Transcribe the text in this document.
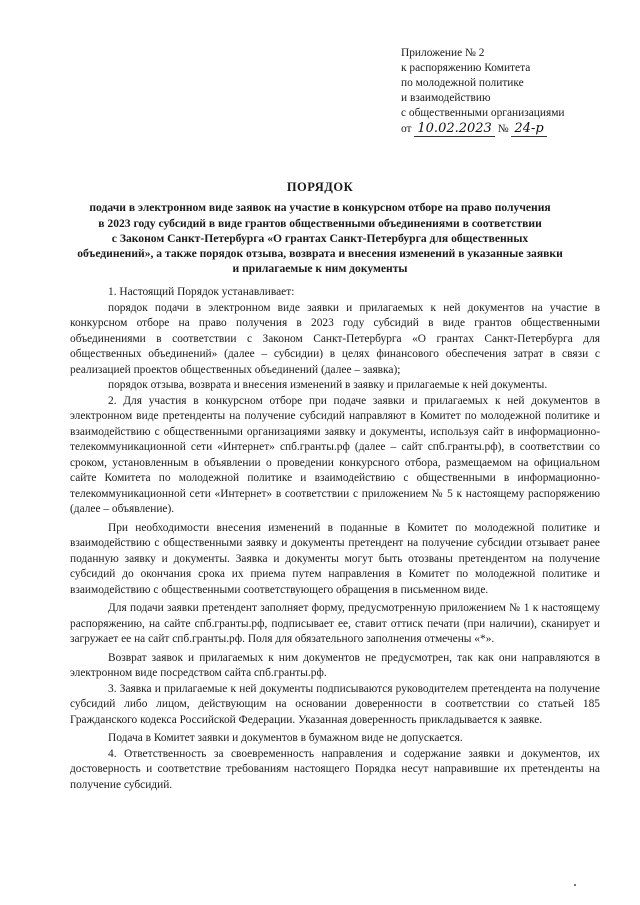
Приложение № 2
к распоряжению Комитета
по молодежной политике
и взаимодействию
с общественными организациями
от 10.02.2023 № 24-р
ПОРЯДОК
подачи в электронном виде заявок на участие в конкурсном отборе на право получения
в 2023 году субсидий в виде грантов общественными объединениями в соответствии
с Законом Санкт-Петербурга «О грантах Санкт-Петербурга для общественных
объединений», а также порядок отзыва, возврата и внесения изменений в указанные заявки
и прилагаемые к ним документы

1. Настоящий Порядок устанавливает:

порядок подачи в электронном виде заявки и прилагаемых к ней документов на участие в конкурсном отборе на право получения в 2023 году субсидий в виде грантов общественными объединениями в соответствии с Законом Санкт-Петербурга «О грантах Санкт-Петербурга для общественных объединений» (далее – субсидии) в целях финансового обеспечения затрат в связи с реализацией проектов общественных объединений (далее – заявка);

порядок отзыва, возврата и внесения изменений в заявку и прилагаемые к ней документы.

2. Для участия в конкурсном отборе при подаче заявки и прилагаемых к ней документов в электронном виде претенденты на получение субсидий направляют в Комитет по молодежной политике и взаимодействию с общественными организациями заявку и документы, используя сайт в информационно-телекоммуникационной сети «Интернет» спб.гранты.рф (далее – сайт спб.гранты.рф), в соответствии со сроком, установленным в объявлении о проведении конкурсного отбора, размещаемом на официальном сайте Комитета по молодежной политике и взаимодействию с общественными в информационно-телекоммуникационной сети «Интернет» в соответствии с приложением № 5 к настоящему распоряжению (далее – объявление).

При необходимости внесения изменений в поданные в Комитет по молодежной политике и взаимодействию с общественными заявку и документы претендент на получение субсидии отзывает ранее поданную заявку и документы. Заявка и документы могут быть отозваны претендентом на получение субсидий до окончания срока их приема путем направления в Комитет по молодежной политике и взаимодействию с общественными соответствующего обращения в письменном виде.

Для подачи заявки претендент заполняет форму, предусмотренную приложением № 1 к настоящему распоряжению, на сайте спб.гранты.рф, подписывает ее, ставит оттиск печати (при наличии), сканирует и загружает ее на сайт спб.гранты.рф. Поля для обязательного заполнения отмечены «*».

Возврат заявок и прилагаемых к ним документов не предусмотрен, так как они направляются в электронном виде посредством сайта спб.гранты.рф.

3. Заявка и прилагаемые к ней документы подписываются руководителем претендента на получение субсидий либо лицом, действующим на основании доверенности в соответствии со статьей 185 Гражданского кодекса Российской Федерации. Указанная доверенность прикладывается к заявке.

Подача в Комитет заявки и документов в бумажном виде не допускается.

4. Ответственность за своевременность направления и содержание заявки и документов, их достоверность и соответствие требованиям настоящего Порядка несут направившие их претенденты на получение субсидий.
